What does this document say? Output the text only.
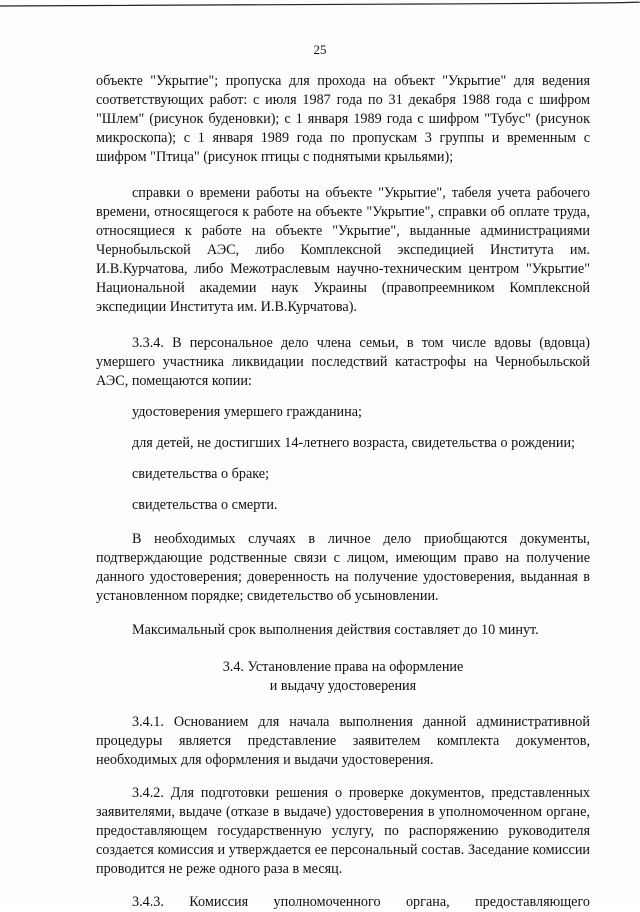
25

объекте "Укрытие"; пропуска для прохода на объект "Укрытие" для ведения соответствующих работ: с июля 1987 года по 31 декабря 1988 года с шифром "Шлем" (рисунок буденовки); с 1 января 1989 года с шифром "Тубус" (рисунок микроскопа); с 1 января 1989 года по пропускам 3 группы и временным с шифром "Птица" (рисунок птицы с поднятыми крыльями);

справки о времени работы на объекте "Укрытие", табеля учета рабочего времени, относящегося к работе на объекте "Укрытие", справки об оплате труда, относящиеся к работе на объекте "Укрытие", выданные администрациями Чернобыльской АЭС, либо Комплексной экспедицией Института им. И.В.Курчатова, либо Межотраслевым научно-техническим центром "Укрытие" Национальной академии наук Украины (правопреемником Комплексной экспедиции Института им. И.В.Курчатова).

3.3.4. В персональное дело члена семьи, в том числе вдовы (вдовца) умершего участника ликвидации последствий катастрофы на Чернобыльской АЭС, помещаются копии:

удостоверения умершего гражданина;

для детей, не достигших 14-летнего возраста, свидетельства о рождении;

свидетельства о браке;

свидетельства о смерти.

В необходимых случаях в личное дело приобщаются документы, подтверждающие родственные связи с лицом, имеющим право на получение данного удостоверения; доверенность на получение удостоверения, выданная в установленном порядке; свидетельство об усыновлении.

Максимальный срок выполнения действия составляет до 10 минут.

3.4. Установление права на оформление
и выдачу удостоверения

3.4.1. Основанием для начала выполнения данной административной процедуры является представление заявителем комплекта документов, необходимых для оформления и выдачи удостоверения.

3.4.2. Для подготовки решения о проверке документов, представленных заявителями, выдаче (отказе в выдаче) удостоверения в уполномоченном органе, предоставляющем государственную услугу, по распоряжению руководителя создается комиссия и утверждается ее персональный состав. Заседание комиссии проводится не реже одного раза в месяц.

3.4.3. Комиссия уполномоченного органа, предоставляющего
